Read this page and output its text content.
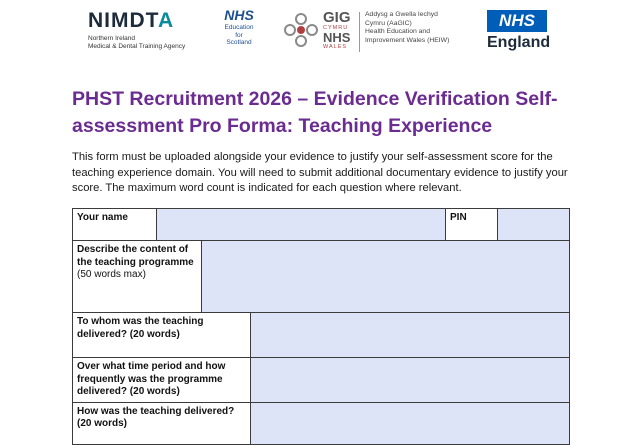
NIMDTA
Northern Ireland
Medical & Dental Training Agency
NHS
Education
for
Scotland
GIG
CYMRU
NHS
WALES
Addysg a Gwella Iechyd
Cymru (AaGIC)
Health Education and
Improvement Wales (HEIW)
NHS
England
PHST Recruitment 2026 – Evidence Verification Self-assessment Pro Forma: Teaching Experience

This form must be uploaded alongside your evidence to justify your self-assessment score for the teaching experience domain. You will need to submit additional documentary evidence to justify your score. The maximum word count is indicated for each question where relevant.

Your name				PIN	
Describe the content of the teaching programme
(50 words max)					
To whom was the teaching delivered? (20 words)					
Over what time period and how frequently was the programme delivered? (20 words)					
How was the teaching delivered? (20 words)					
